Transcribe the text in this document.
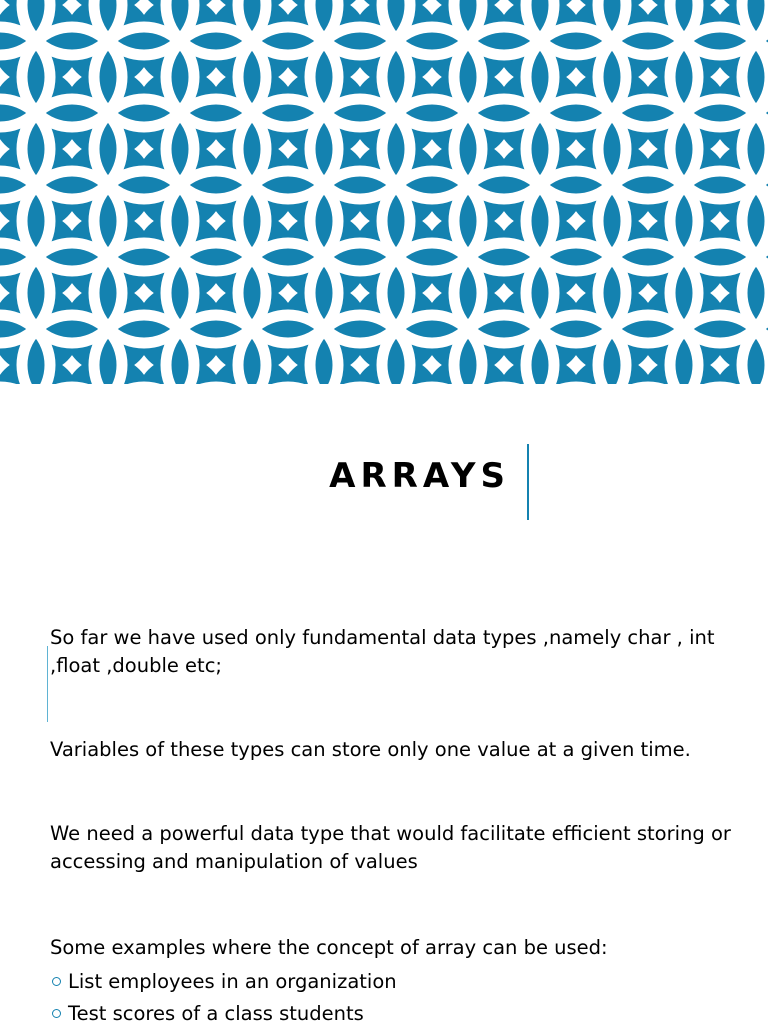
ARRAYS

So far we have used only fundamental data types ,namely char , int ,float ,double etc;

Variables of these types can store only one value at a given time.

We need a powerful data type that would facilitate efficient storing or accessing and manipulation of values

Some examples where the concept of array can be used:

List employees in an organization
Test scores of a class students
